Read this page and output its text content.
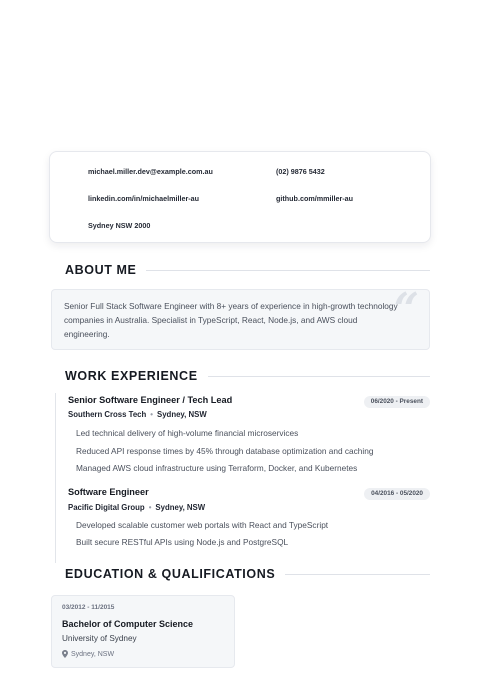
michael.miller.dev@example.com.au	(02) 9876 5432
linkedin.com/in/michaelmiller-au	github.com/mmiller-au
Sydney NSW 2000
ABOUT ME
“

Senior Full Stack Software Engineer with 8+ years of experience in high-growth technology companies in Australia. Specialist in TypeScript, React, Node.js, and AWS cloud engineering.

WORK EXPERIENCE
Senior Software Engineer / Tech Lead	06/2020 - Present
Southern Cross Tech • Sydney, NSW
Led technical delivery of high-volume financial microservices
Reduced API response times by 45% through database optimization and caching
Managed AWS cloud infrastructure using Terraform, Docker, and Kubernetes
Software Engineer	04/2016 - 05/2020
Pacific Digital Group • Sydney, NSW
Developed scalable customer web portals with React and TypeScript
Built secure RESTful APIs using Node.js and PostgreSQL
EDUCATION & QUALIFICATIONS
03/2012 - 11/2015
Bachelor of Computer Science
University of Sydney
Sydney, NSW
